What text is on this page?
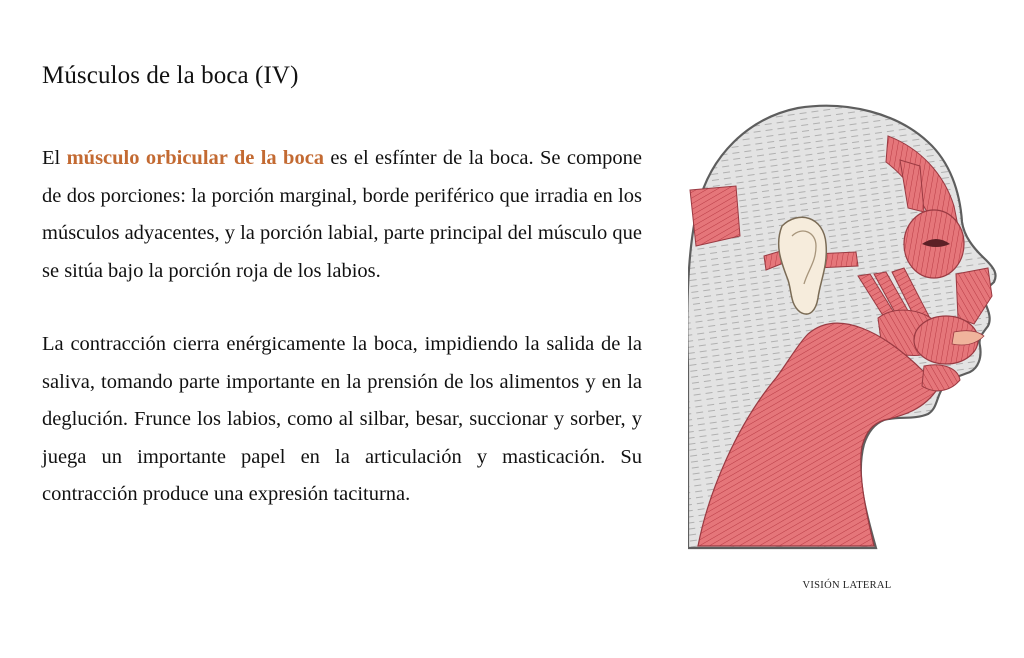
Músculos de la boca (IV)

El músculo orbicular de la boca es el esfínter de la boca. Se compone de dos porciones: la porción marginal, borde periférico que irradia en los músculos adyacentes, y la porción labial, parte principal del músculo que se sitúa bajo la porción roja de los labios.

La contracción cierra enérgicamente la boca, impidiendo la salida de la saliva, tomando parte importante en la prensión de los alimentos y en la deglución. Frunce los labios, como al silbar, besar, succionar y sorber, y juega un importante papel en la articulación y masticación. Su contracción produce una expresión taciturna.

VISIÓN LATERAL
